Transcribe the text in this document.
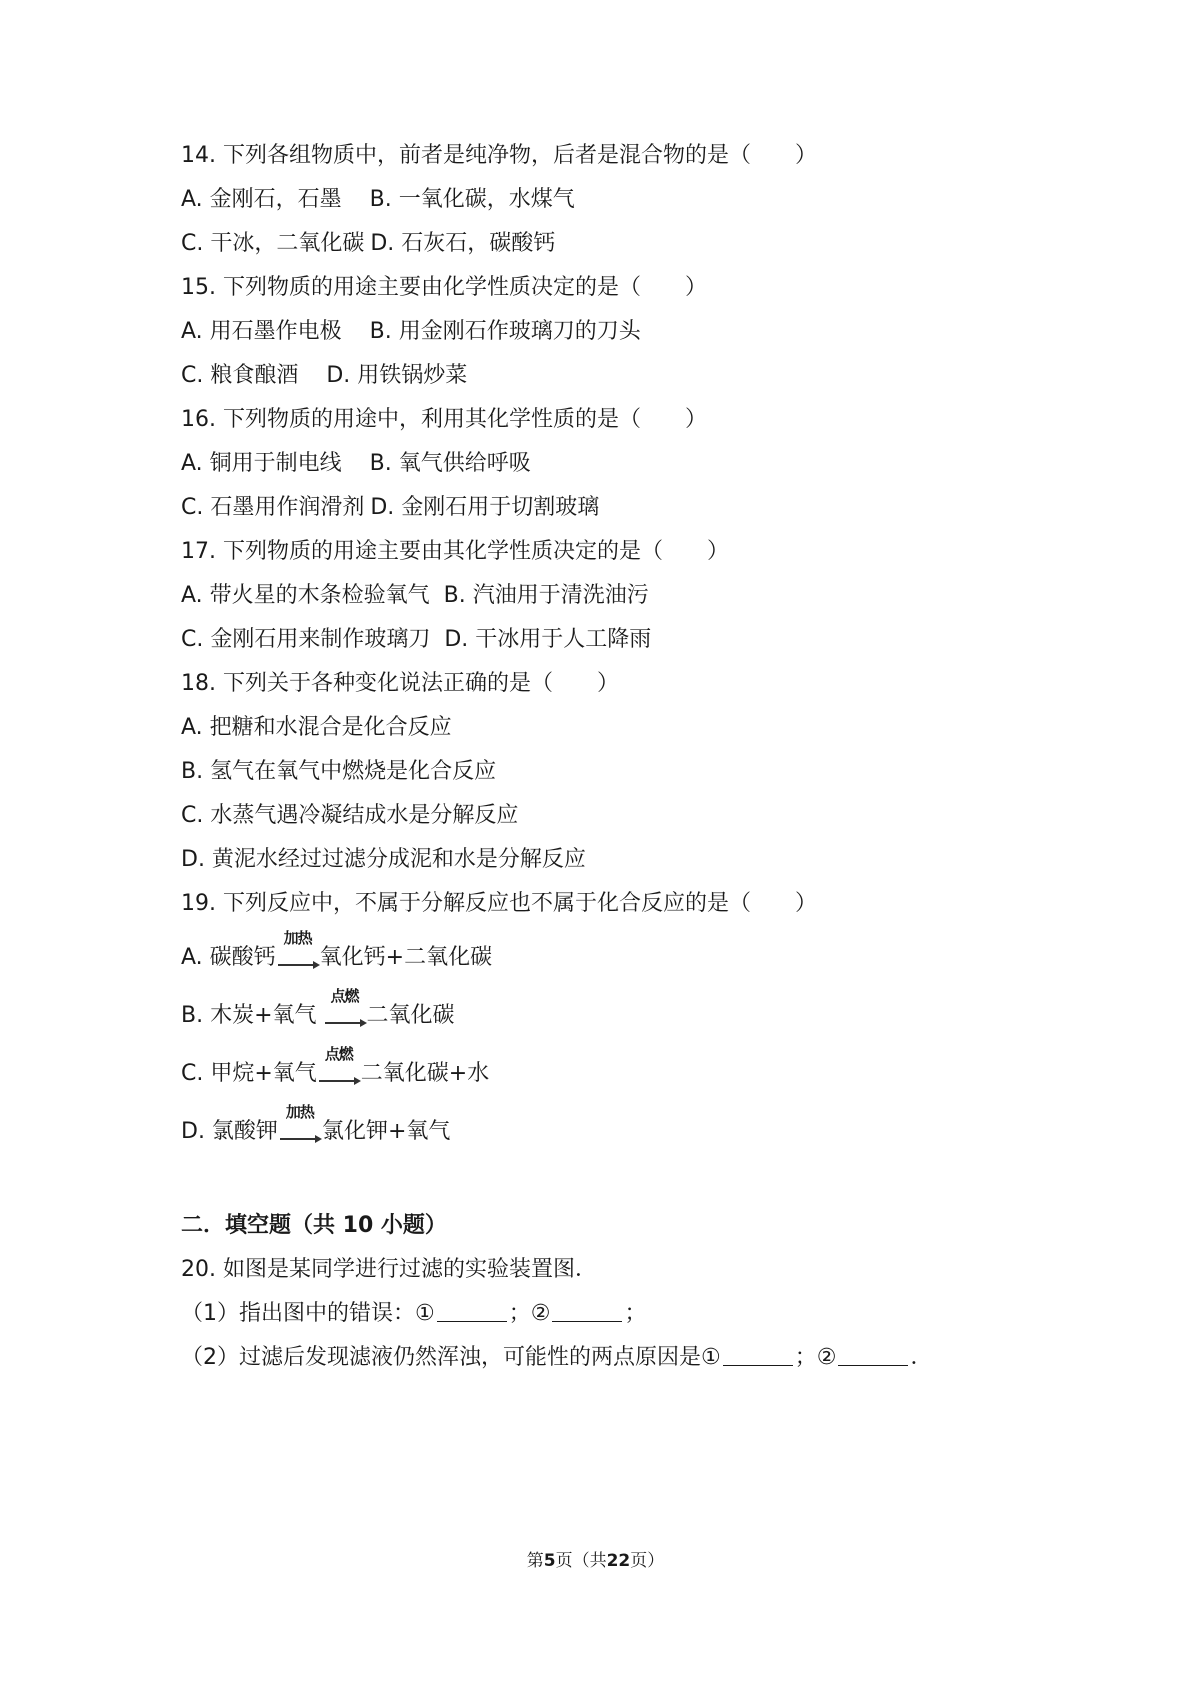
14. 下列各组物质中，前者是纯净物，后者是混合物的是（　　）
A. 金刚石，石墨 B. 一氧化碳，水煤气
C. 干冰，二氧化碳 D. 石灰石，碳酸钙
15. 下列物质的用途主要由化学性质决定的是（　　）
A. 用石墨作电极 B. 用金刚石作玻璃刀的刀头
C. 粮食酿酒 D. 用铁锅炒菜
16. 下列物质的用途中，利用其化学性质的是（　　）
A. 铜用于制电线 B. 氧气供给呼吸
C. 石墨用作润滑剂 D. 金刚石用于切割玻璃
17. 下列物质的用途主要由其化学性质决定的是（　　）
A. 带火星的木条检验氧气 B. 汽油用于清洗油污
C. 金刚石用来制作玻璃刀 D. 干冰用于人工降雨
18. 下列关于各种变化说法正确的是（　　）
A. 把糖和水混合是化合反应
B. 氢气在氧气中燃烧是化合反应
C. 水蒸气遇冷凝结成水是分解反应
D. 黄泥水经过过滤分成泥和水是分解反应
19. 下列反应中，不属于分解反应也不属于化合反应的是（　　）
A. 碳酸钙
加热
氧化钙+二氧化碳
B. 木炭+氧气
点燃
二氧化碳
C. 甲烷+氧气
点燃
二氧化碳+水
D. 氯酸钾
加热
氯化钾+氧气
二．填空题（共 10 小题）
20. 如图是某同学进行过滤的实验装置图．
（1）指出图中的错误：①	；②	；
（2）过滤后发现滤液仍然浑浊，可能性的两点原因是①	；②	．
第5页（共22页）
